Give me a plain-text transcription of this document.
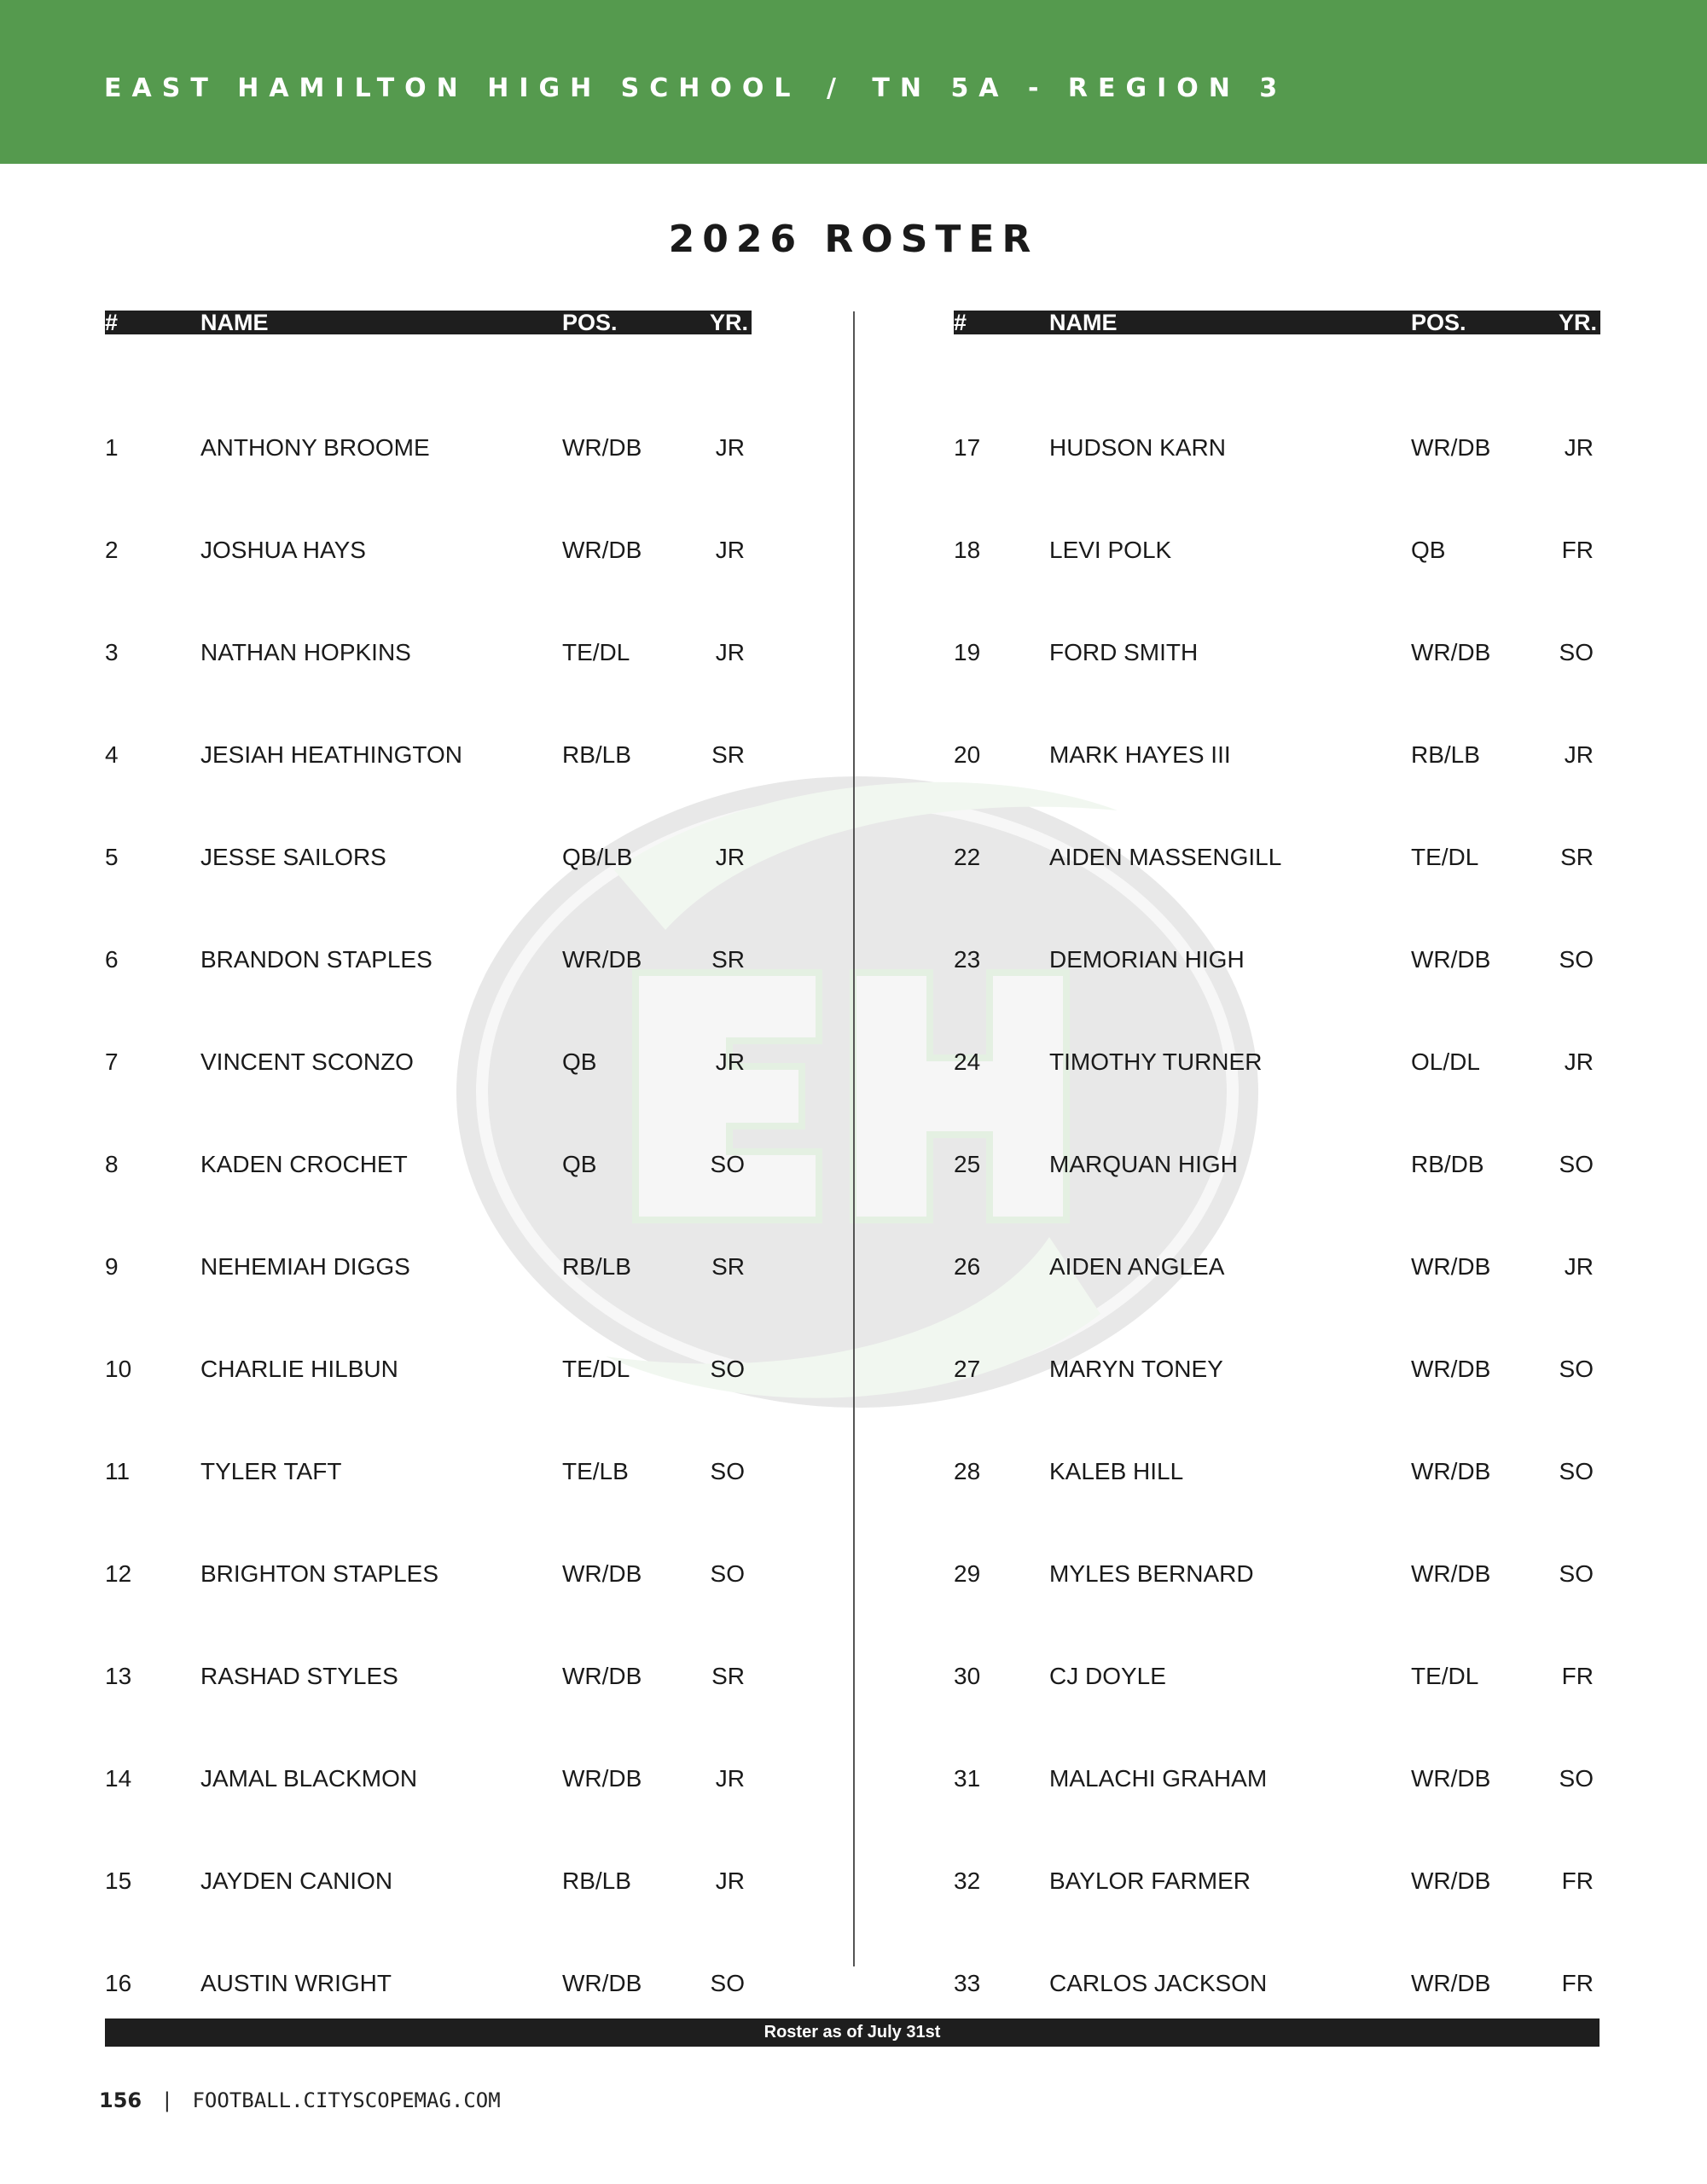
EAST HAMILTON HIGH SCHOOL / TN 5A - REGION 3
2026 ROSTER
#	NAME	POS.	YR.
1	ANTHONY BROOME	WR/DB	JR
2	JOSHUA HAYS	WR/DB	JR
3	NATHAN HOPKINS	TE/DL	JR
4	JESIAH HEATHINGTON	RB/LB	SR
5	JESSE SAILORS	QB/LB	JR
6	BRANDON STAPLES	WR/DB	SR
7	VINCENT SCONZO	QB	JR
8	KADEN CROCHET	QB	SO
9	NEHEMIAH DIGGS	RB/LB	SR
10	CHARLIE HILBUN	TE/DL	SO
11	TYLER TAFT	TE/LB	SO
12	BRIGHTON STAPLES	WR/DB	SO
13	RASHAD STYLES	WR/DB	SR
14	JAMAL BLACKMON	WR/DB	JR
15	JAYDEN CANION	RB/LB	JR
16	AUSTIN WRIGHT	WR/DB	SO
#	NAME	POS.	YR.
17	HUDSON KARN	WR/DB	JR
18	LEVI POLK	QB	FR
19	FORD SMITH	WR/DB	SO
20	MARK HAYES III	RB/LB	JR
22	AIDEN MASSENGILL	TE/DL	SR
23	DEMORIAN HIGH	WR/DB	SO
24	TIMOTHY TURNER	OL/DL	JR
25	MARQUAN HIGH	RB/DB	SO
26	AIDEN ANGLEA	WR/DB	JR
27	MARYN TONEY	WR/DB	SO
28	KALEB HILL	WR/DB	SO
29	MYLES BERNARD	WR/DB	SO
30	CJ DOYLE	TE/DL	FR
31	MALACHI GRAHAM	WR/DB	SO
32	BAYLOR FARMER	WR/DB	FR
33	CARLOS JACKSON	WR/DB	FR
Roster as of July 31st
156 | FOOTBALL.CITYSCOPEMAG.COM
